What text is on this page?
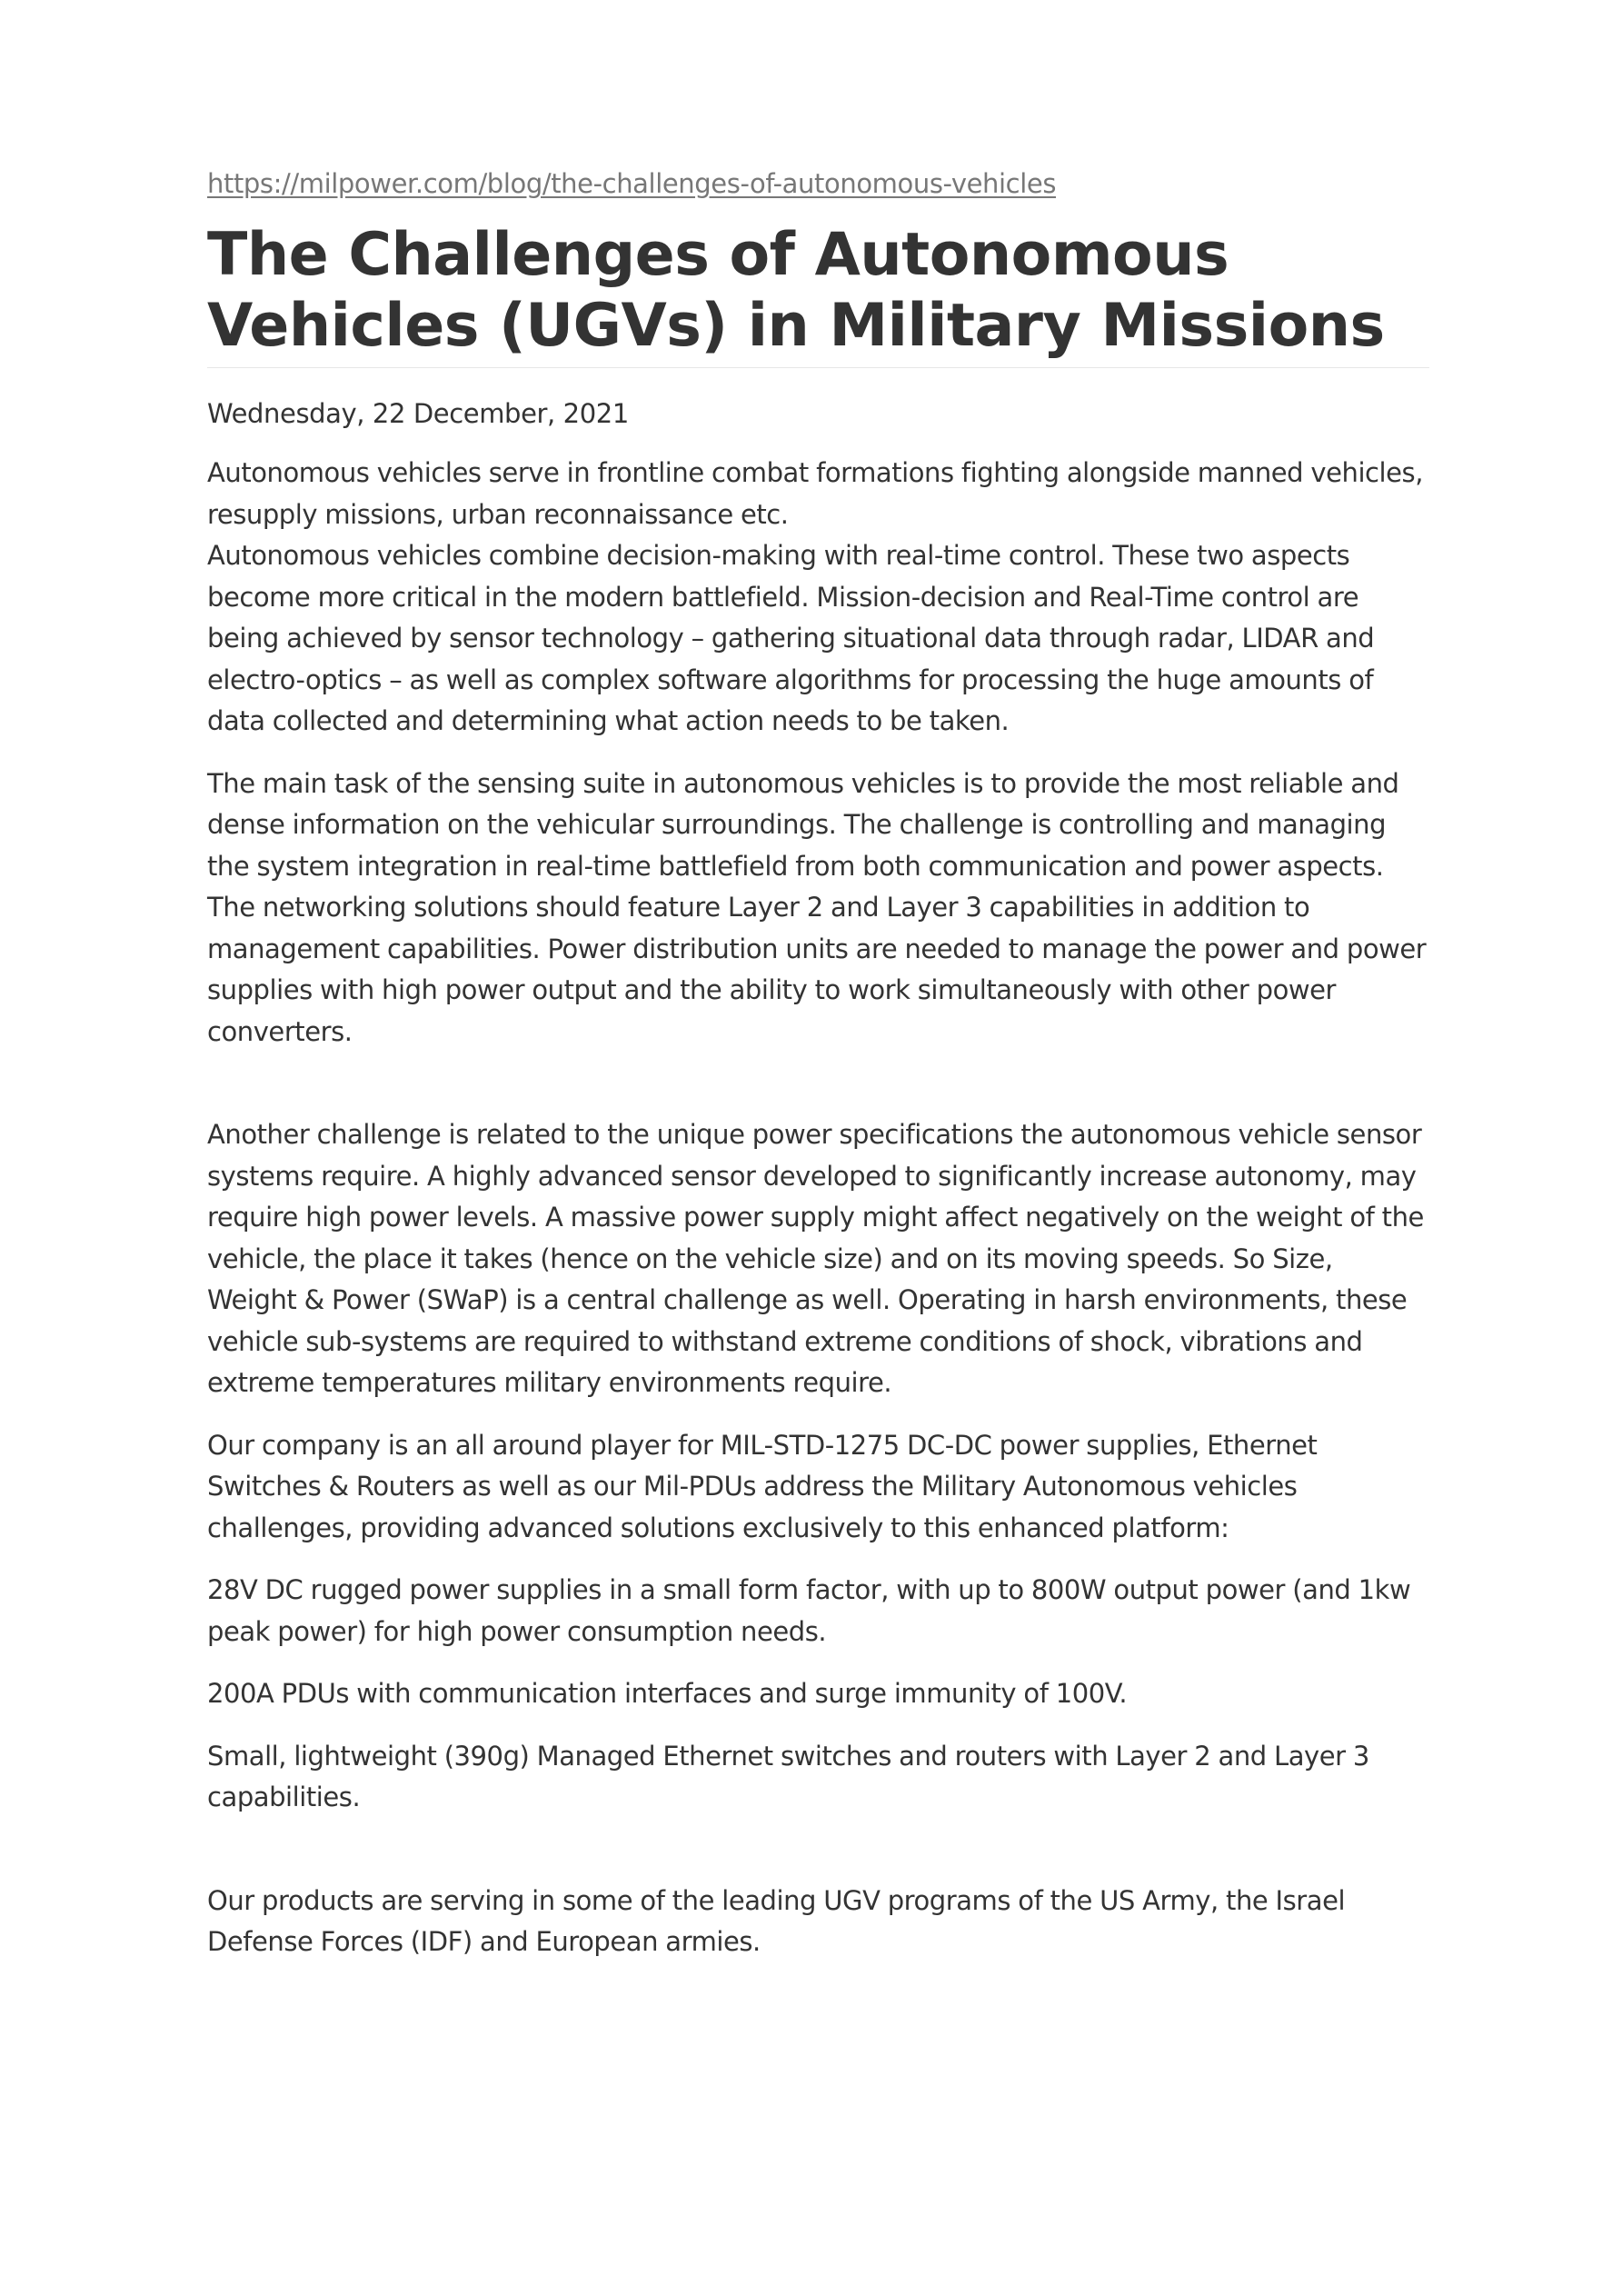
https://milpower.com/blog/the-challenges-of-autonomous-vehicles
The Challenges of Autonomous Vehicles (UGVs) in Military Missions
Wednesday, 22 December, 2021

Autonomous vehicles serve in frontline combat formations fighting alongside manned vehicles, resupply missions, urban reconnaissance etc.

Autonomous vehicles combine decision-making with real-time control. These two aspects become more critical in the modern battlefield. Mission-decision and Real-Time control are being achieved by sensor technology – gathering situational data through radar, LIDAR and electro-optics – as well as complex software algorithms for processing the huge amounts of data collected and determining what action needs to be taken.

The main task of the sensing suite in autonomous vehicles is to provide the most reliable and dense information on the vehicular surroundings. The challenge is controlling and managing the system integration in real-time battlefield from both communication and power aspects. The networking solutions should feature Layer 2 and Layer 3 capabilities in addition to management capabilities. Power distribution units are needed to manage the power and power supplies with high power output and the ability to work simultaneously with other power converters.

Another challenge is related to the unique power specifications the autonomous vehicle sensor systems require. A highly advanced sensor developed to significantly increase autonomy, may require high power levels. A massive power supply might affect negatively on the weight of the vehicle, the place it takes (hence on the vehicle size) and on its moving speeds. So Size, Weight & Power (SWaP) is a central challenge as well. Operating in harsh environments, these vehicle sub-systems are required to withstand extreme conditions of shock, vibrations and extreme temperatures military environments require.

Our company is an all around player for MIL-STD-1275 DC-DC power supplies, Ethernet Switches & Routers as well as our Mil-PDUs address the Military Autonomous vehicles challenges, providing advanced solutions exclusively to this enhanced platform:

28V DC rugged power supplies in a small form factor, with up to 800W output power (and 1kw peak power) for high power consumption needs.

200A PDUs with communication interfaces and surge immunity of 100V.

Small, lightweight (390g) Managed Ethernet switches and routers with Layer 2 and Layer 3 capabilities.

Our products are serving in some of the leading UGV programs of the US Army, the Israel Defense Forces (IDF) and European armies.
